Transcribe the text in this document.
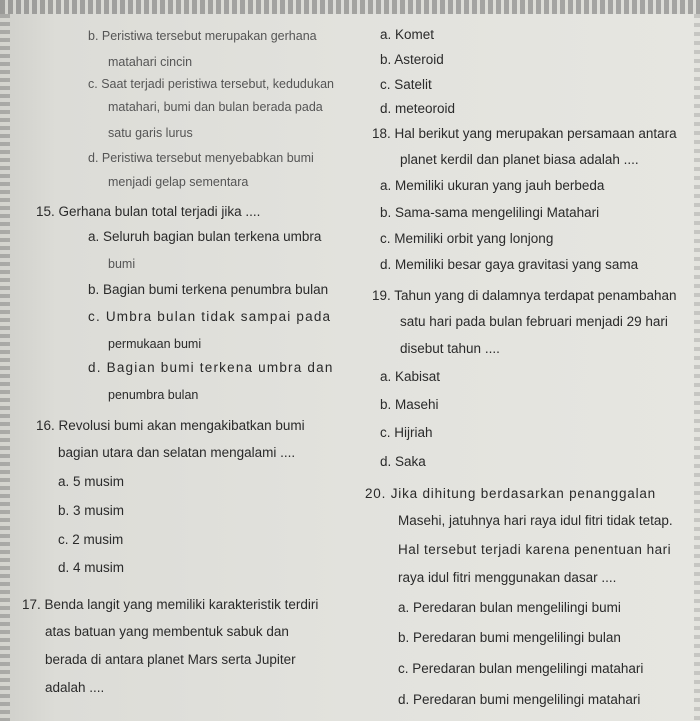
b. Peristiwa tersebut merupakan gerhana
matahari cincin
c. Saat terjadi peristiwa tersebut, kedudukan
matahari, bumi dan bulan berada pada
satu garis lurus
d. Peristiwa tersebut menyebabkan bumi
menjadi gelap sementara
15. Gerhana bulan total terjadi jika ....
a. Seluruh bagian bulan terkena umbra
bumi
b. Bagian bumi terkena penumbra bulan
c. Umbra bulan tidak sampai pada
permukaan bumi
d. Bagian bumi terkena umbra dan
penumbra bulan
16. Revolusi bumi akan mengakibatkan bumi
bagian utara dan selatan mengalami ....
a. 5 musim
b. 3 musim
c. 2 musim
d. 4 musim
17. Benda langit yang memiliki karakteristik terdiri
atas batuan yang membentuk sabuk dan
berada di antara planet Mars serta Jupiter
adalah ....
a. Komet
b. Asteroid
c. Satelit
d. meteoroid
18. Hal berikut yang merupakan persamaan antara
planet kerdil dan planet biasa adalah ....
a. Memiliki ukuran yang jauh berbeda
b. Sama-sama mengelilingi Matahari
c. Memiliki orbit yang lonjong
d. Memiliki besar gaya gravitasi yang sama
19. Tahun yang di dalamnya terdapat penambahan
satu hari pada bulan februari menjadi 29 hari
disebut tahun ....
a. Kabisat
b. Masehi
c. Hijriah
d. Saka
20. Jika dihitung berdasarkan penanggalan
Masehi, jatuhnya hari raya idul fitri tidak tetap.
Hal tersebut terjadi karena penentuan hari
raya idul fitri menggunakan dasar ....
a. Peredaran bulan mengelilingi bumi
b. Peredaran bumi mengelilingi bulan
c. Peredaran bulan mengelilingi matahari
d. Peredaran bumi mengelilingi matahari
